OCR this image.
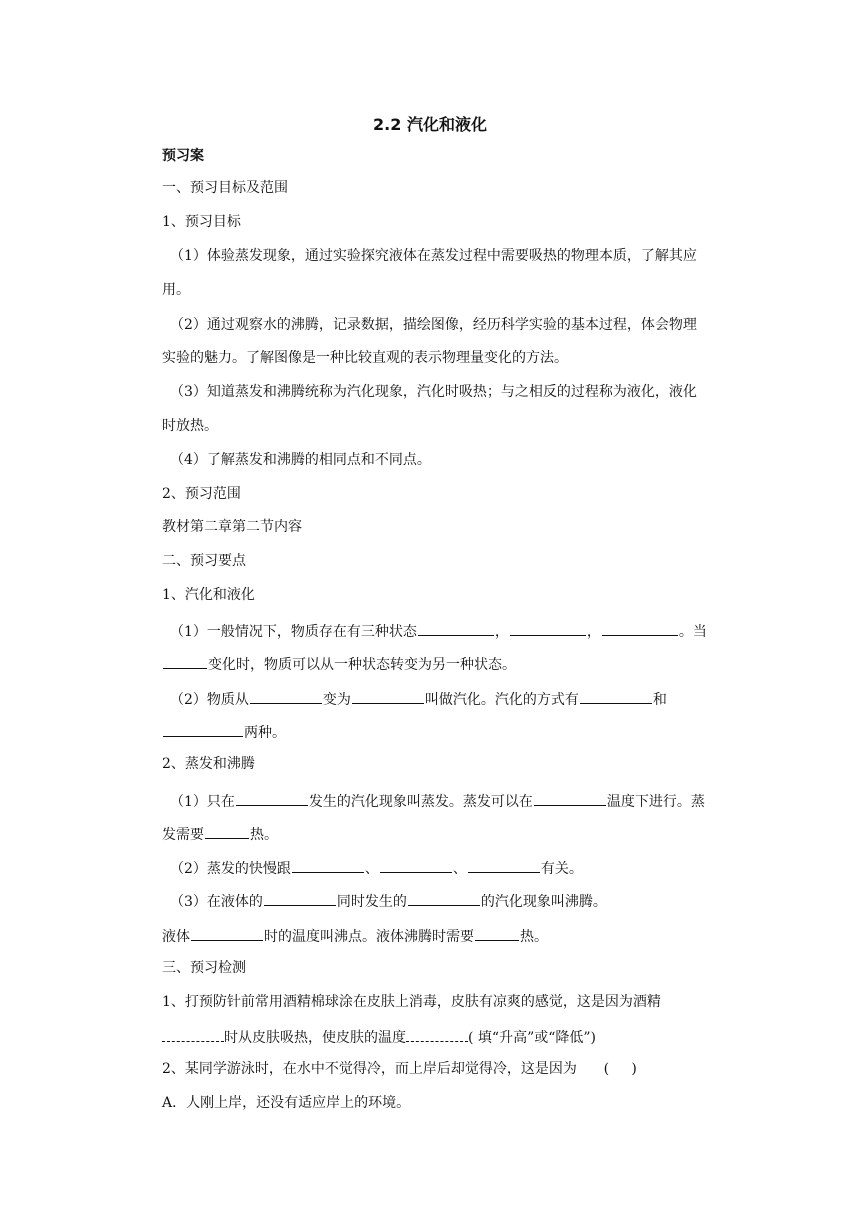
2.2 汽化和液化
预习案
一、预习目标及范围
1、预习目标
（1）体验蒸发现象，通过实验探究液体在蒸发过程中需要吸热的物理本质，了解其应
用。
（2）通过观察水的沸腾，记录数据，描绘图像，经历科学实验的基本过程，体会物理
实验的魅力。了解图像是一种比较直观的表示物理量变化的方法。
（3）知道蒸发和沸腾统称为汽化现象，汽化时吸热；与之相反的过程称为液化，液化
时放热。
（4）了解蒸发和沸腾的相同点和不同点。
2、预习范围
教材第二章第二节内容
二、预习要点
1、汽化和液化
（1）一般情况下，物质存在有三种状态	，	，	。当
变化时，物质可以从一种状态转变为另一种状态。
（2）物质从	变为	叫做汽化。汽化的方式有	和
两种。
2、蒸发和沸腾
（1）只在	发生的汽化现象叫蒸发。蒸发可以在	温度下进行。蒸
发需要	热。
（2）蒸发的快慢跟	、	、	有关。
（3）在液体的	同时发生的	的汽化现象叫沸腾。
液体	时的温度叫沸点。液体沸腾时需要	热。
三、预习检测
1、打预防针前常用酒精棉球涂在皮肤上消毒，皮肤有凉爽的感觉，这是因为酒精
时从皮肤吸热，使皮肤的温度	( 填“升高”或“降低”)
2、某同学游泳时，在水中不觉得冷，而上岸后却觉得冷，这是因为      (     )
A．人刚上岸，还没有适应岸上的环境。
